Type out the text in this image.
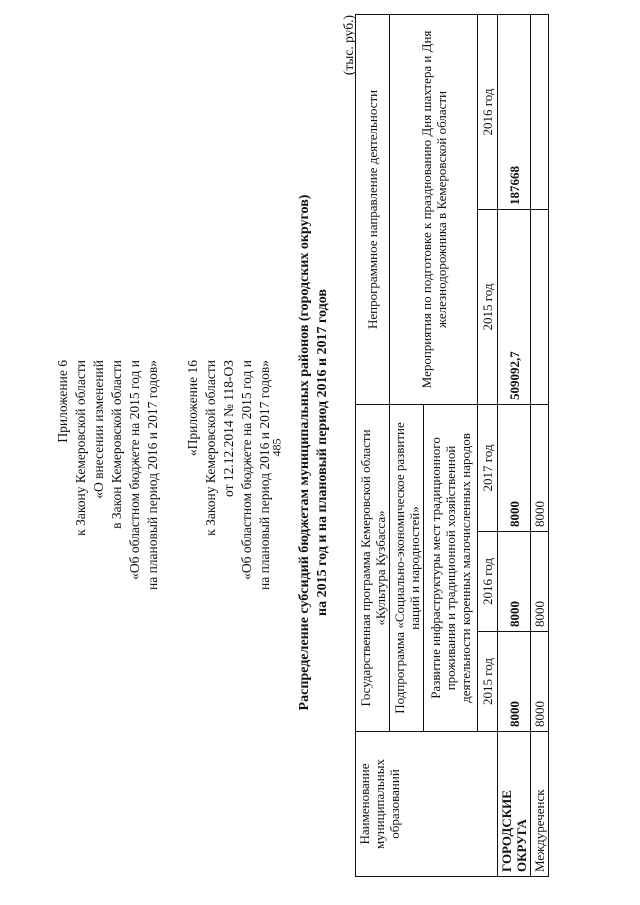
485
Приложение 6 к Закону Кемеровской области «О внесении изменений в Закон Кемеровской области «Об областном бюджете на 2015 год и на плановый период 2016 и 2017 годов» «Приложение 16 к Закону Кемеровской области от 12.12.2014 № 118-ОЗ «Об областном бюджете на 2015 год и на плановый период 2016 и 2017 годов» Распределение субсидий бюджетам муниципальных районов (городских округов) на 2015 год и на плановый период 2016 и 2017 годов
(тыс. руб.)
Наименование муниципальных образований	Государственная программа Кемеровской области «Культура Кузбасса»			Непрограммное направление деятельности	
	Подпрограмма «Социально-экономическое развитие наций и народностей»			Мероприятия по подготовке к празднованию Дня шахтера и Дня железнодорожника в Кемеровской области	
	Развитие инфраструктуры мест традиционного проживания и традиционной хозяйственной деятельности коренных малочисленных народов				
	2015 год	2016 год	2017 год	2015 год	2016 год
ГОРОДСКИЕ ОКРУГА	8000	8000	8000	509092,7	187668
Междуреченск	8000	8000	8000		
